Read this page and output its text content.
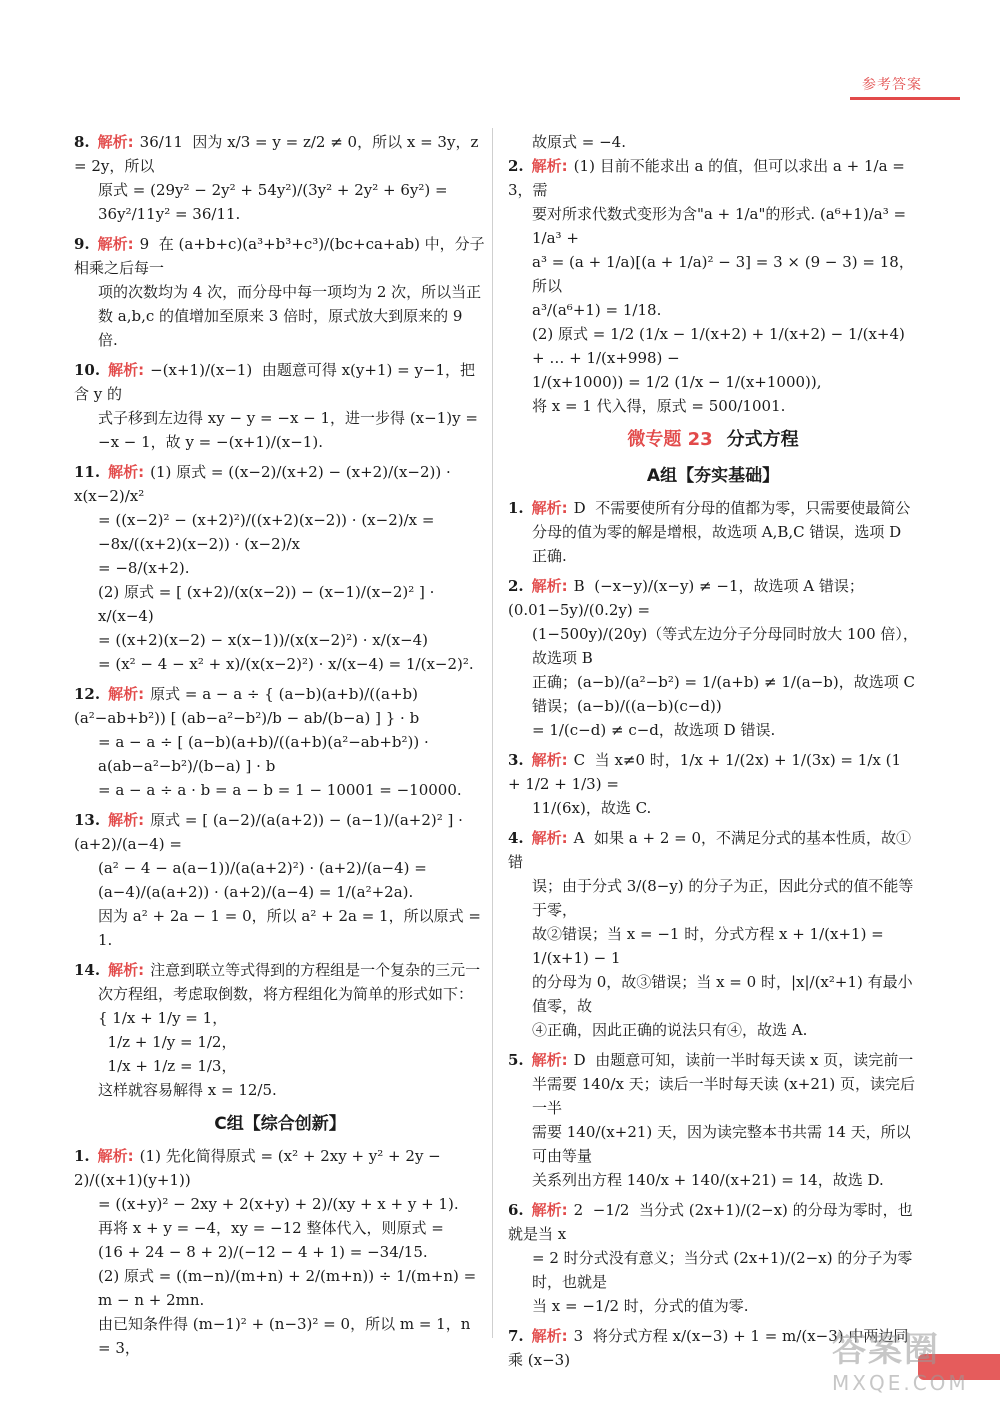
参考答案
8. 解析: 36/11  因为 x/3 = y = z/2 ≠ 0，所以 x = 3y，z = 2y，所以
原式 = (29y² − 2y² + 54y²)/(3y² + 2y² + 6y²) = 36y²/11y² = 36/11.
9. 解析: 9  在 (a+b+c)(a³+b³+c³)/(bc+ca+ab) 中，分子相乘之后每一
项的次数均为 4 次，而分母中每一项均为 2 次，所以当正
数 a,b,c 的值增加至原来 3 倍时，原式放大到原来的 9 倍.
10. 解析: −(x+1)/(x−1)  由题意可得 x(y+1) = y−1，把含 y 的
式子移到左边得 xy − y = −x − 1，进一步得 (x−1)y =
−x − 1，故 y = −(x+1)/(x−1).
11. 解析: (1) 原式 = ((x−2)/(x+2) − (x+2)/(x−2)) · x(x−2)/x²
= ((x−2)² − (x+2)²)/((x+2)(x−2)) · (x−2)/x = −8x/((x+2)(x−2)) · (x−2)/x
= −8/(x+2).
(2) 原式 = [ (x+2)/(x(x−2)) − (x−1)/(x−2)² ] · x/(x−4)
= ((x+2)(x−2) − x(x−1))/(x(x−2)²) · x/(x−4)
= (x² − 4 − x² + x)/(x(x−2)²) · x/(x−4) = 1/(x−2)².
12. 解析: 原式 = a − a ÷ { (a−b)(a+b)/((a+b)(a²−ab+b²)) [ (ab−a²−b²)/b − ab/(b−a) ] } · b
= a − a ÷ [ (a−b)(a+b)/((a+b)(a²−ab+b²)) · a(ab−a²−b²)/(b−a) ] · b
= a − a ÷ a · b = a − b = 1 − 10001 = −10000.
13. 解析: 原式 = [ (a−2)/(a(a+2)) − (a−1)/(a+2)² ] · (a+2)/(a−4) =
(a² − 4 − a(a−1))/(a(a+2)²) · (a+2)/(a−4) = (a−4)/(a(a+2)) · (a+2)/(a−4) = 1/(a²+2a).
因为 a² + 2a − 1 = 0，所以 a² + 2a = 1，所以原式 = 1.
14. 解析: 注意到联立等式得到的方程组是一个复杂的三元一
次方程组，考虑取倒数，将方程组化为简单的形式如下：
{ 1/x + 1/y = 1，
1/z + 1/y = 1/2，
1/x + 1/z = 1/3，
这样就容易解得 x = 12/5.
C组【综合创新】
1. 解析: (1) 先化简得原式 = (x² + 2xy + y² + 2y − 2)/((x+1)(y+1))
= ((x+y)² − 2xy + 2(x+y) + 2)/(xy + x + y + 1).
再将 x + y = −4，xy = −12 整体代入，则原式 =
(16 + 24 − 8 + 2)/(−12 − 4 + 1) = −34/15.
(2) 原式 = ((m−n)/(m+n) + 2/(m+n)) ÷ 1/(m+n) = m − n + 2mn.
由已知条件得 (m−1)² + (n−3)² = 0，所以 m = 1，n = 3，
故原式 = −4.
2. 解析: (1) 目前不能求出 a 的值，但可以求出 a + 1/a = 3，需
要对所求代数式变形为含"a + 1/a"的形式. (a⁶+1)/a³ = 1/a³ +
a³ = (a + 1/a)[(a + 1/a)² − 3] = 3 × (9 − 3) = 18，所以
a³/(a⁶+1) = 1/18.
(2) 原式 = 1/2 (1/x − 1/(x+2) + 1/(x+2) − 1/(x+4) + … + 1/(x+998) −
1/(x+1000)) = 1/2 (1/x − 1/(x+1000)),
将 x = 1 代入得，原式 = 500/1001.
微专题 23 分式方程
A组【夯实基础】
1. 解析: D  不需要使所有分母的值都为零，只需要使最简公
分母的值为零的解是增根，故选项 A,B,C 错误，选项 D
正确.
2. 解析: B  (−x−y)/(x−y) ≠ −1，故选项 A 错误；(0.01−5y)/(0.2y) =
(1−500y)/(20y)（等式左边分子分母同时放大 100 倍），故选项 B
正确；(a−b)/(a²−b²) = 1/(a+b) ≠ 1/(a−b)，故选项 C 错误；(a−b)/((a−b)(c−d))
= 1/(c−d) ≠ c−d，故选项 D 错误.
3. 解析: C  当 x≠0 时，1/x + 1/(2x) + 1/(3x) = 1/x (1 + 1/2 + 1/3) =
11/(6x)，故选 C.
4. 解析: A  如果 a + 2 = 0，不满足分式的基本性质，故①错
误；由于分式 3/(8−y) 的分子为正，因此分式的值不能等于零，
故②错误；当 x = −1 时，分式方程 x + 1/(x+1) = 1/(x+1) − 1
的分母为 0，故③错误；当 x = 0 时，|x|/(x²+1) 有最小值零，故
④正确，因此正确的说法只有④，故选 A.
5. 解析: D  由题意可知，读前一半时每天读 x 页，读完前一
半需要 140/x 天；读后一半时每天读 (x+21) 页，读完后一半
需要 140/(x+21) 天，因为读完整本书共需 14 天，所以可由等量
关系列出方程 140/x + 140/(x+21) = 14，故选 D.
6. 解析: 2  −1/2  当分式 (2x+1)/(2−x) 的分母为零时，也就是当 x
= 2 时分式没有意义；当分式 (2x+1)/(2−x) 的分子为零时，也就是
当 x = −1/2 时，分式的值为零.
7. 解析: 3  将分式方程 x/(x−3) + 1 = m/(x−3) 中两边同乘 (x−3)	答案圈
MXQE.COM
